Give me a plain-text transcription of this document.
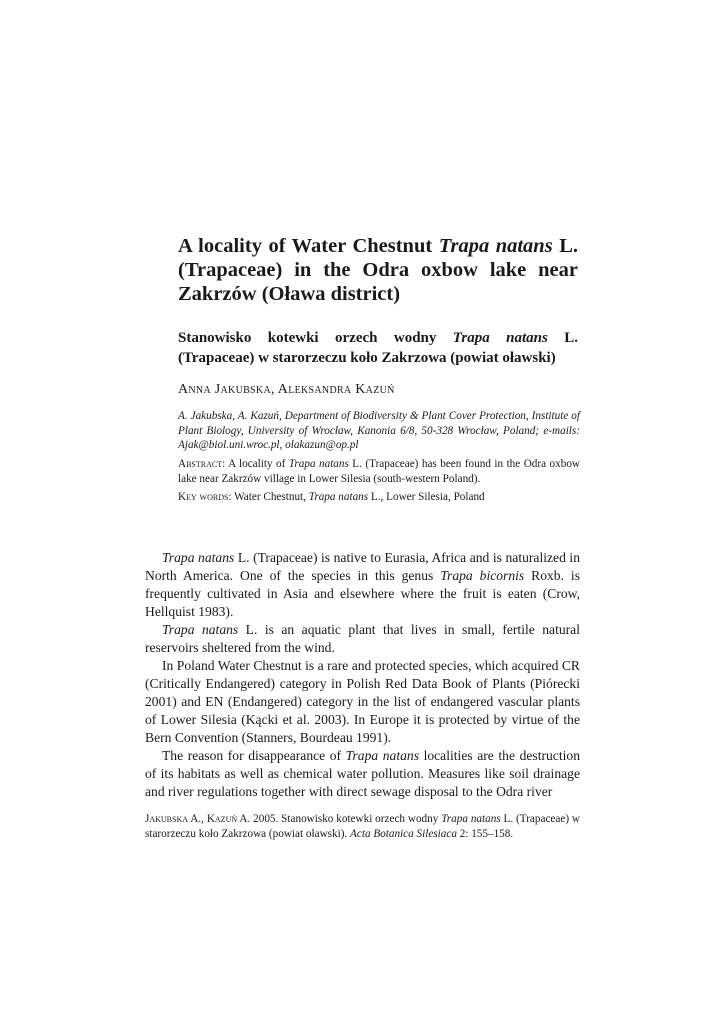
A locality of Water Chestnut Trapa natans L. (Trapaceae) in the Odra oxbow lake near Zakrzów (Oława district)
Stanowisko kotewki orzech wodny Trapa natans L. (Trapaceae) w starorzeczu koło Zakrzowa (powiat oławski)
Anna Jakubska, Aleksandra Kazuń
A. Jakubska, A. Kazuń, Department of Biodiversity & Plant Cover Protection, Institute of Plant Biology, University of Wrocław, Kanonia 6/8, 50-328 Wrocław, Poland; e-mails: Ajak@biol.uni.wroc.pl, olakazun@op.pl
Abstract: A locality of Trapa natans L. (Trapaceae) has been found in the Odra oxbow lake near Zakrzów village in Lower Silesia (south-western Poland).
Key words: Water Chestnut, Trapa natans L., Lower Silesia, Poland

Trapa natans L. (Trapaceae) is native to Eurasia, Africa and is naturalized in North America. One of the species in this genus Trapa bicornis Roxb. is frequently cultivated in Asia and elsewhere where the fruit is eaten (Crow, Hellquist 1983).

Trapa natans L. is an aquatic plant that lives in small, fertile natural reservoirs sheltered from the wind.

In Poland Water Chestnut is a rare and protected species, which acquired CR (Critically Endangered) category in Polish Red Data Book of Plants (Piórecki 2001) and EN (Endangered) category in the list of endangered vascular plants of Lower Silesia (Kącki et al. 2003). In Europe it is protected by virtue of the Bern Convention (Stanners, Bourdeau 1991).

The reason for disappearance of Trapa natans localities are the destruction of its habitats as well as chemical water pollution. Measures like soil drainage and river regulations together with direct sewage disposal to the Odra river

Jakubska A., Kazuń A. 2005. Stanowisko kotewki orzech wodny Trapa natans L. (Trapaceae) w starorzeczu koło Zakrzowa (powiat oławski). Acta Botanica Silesiaca 2: 155–158.
